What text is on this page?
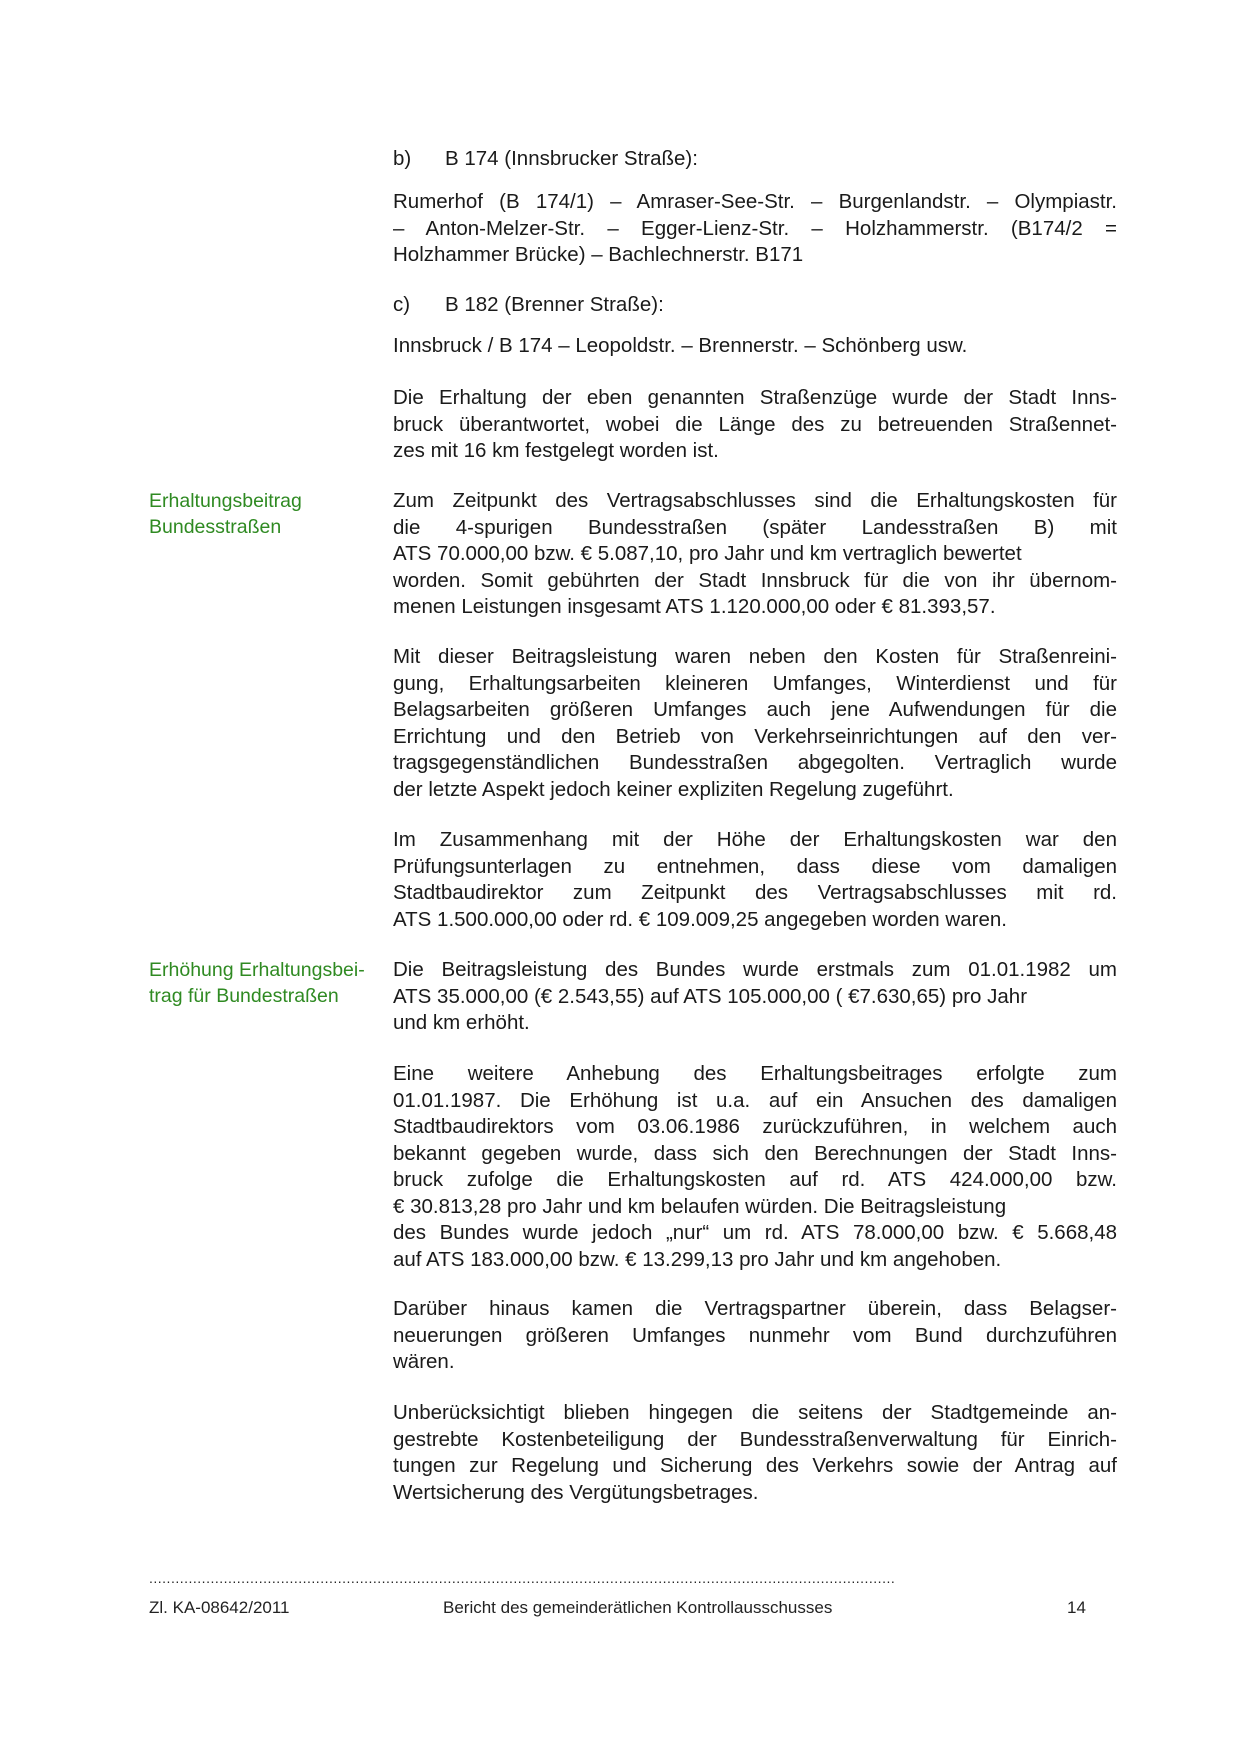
b) B 174 (Innsbrucker Straße):
Rumerhof (B 174/1) – Amraser-See-Str. – Burgenlandstr. – Olympiastr.
– Anton-Melzer-Str. – Egger-Lienz-Str. – Holzhammerstr. (B174/2 =
Holzhammer Brücke) – Bachlechnerstr. B171
c) B 182 (Brenner Straße):
Innsbruck / B 174 – Leopoldstr. – Brennerstr. – Schönberg usw.
Die Erhaltung der eben genannten Straßenzüge wurde der Stadt Inns-
bruck überantwortet, wobei die Länge des zu betreuenden Straßennet-
zes mit 16 km festgelegt worden ist.
Erhaltungsbeitrag
Bundesstraßen
Zum Zeitpunkt des Vertragsabschlusses sind die Erhaltungskosten für
die 4-spurigen Bundesstraßen (später Landesstraßen B) mit
ATS 70.000,00 bzw. € 5.087,10, pro Jahr und km vertraglich bewertet
worden. Somit gebührten der Stadt Innsbruck für die von ihr übernom-
menen Leistungen insgesamt ATS 1.120.000,00 oder € 81.393,57.
Mit dieser Beitragsleistung waren neben den Kosten für Straßenreini-
gung, Erhaltungsarbeiten kleineren Umfanges, Winterdienst und für
Belagsarbeiten größeren Umfanges auch jene Aufwendungen für die
Errichtung und den Betrieb von Verkehrseinrichtungen auf den ver-
tragsgegenständlichen Bundesstraßen abgegolten. Vertraglich wurde
der letzte Aspekt jedoch keiner expliziten Regelung zugeführt.
Im Zusammenhang mit der Höhe der Erhaltungskosten war den
Prüfungsunterlagen zu entnehmen, dass diese vom damaligen
Stadtbaudirektor zum Zeitpunkt des Vertragsabschlusses mit rd.
ATS 1.500.000,00 oder rd. € 109.009,25 angegeben worden waren.
Erhöhung Erhaltungsbei-
trag für Bundestraßen
Die Beitragsleistung des Bundes wurde erstmals zum 01.01.1982 um
ATS 35.000,00 (€ 2.543,55) auf ATS 105.000,00 ( €7.630,65) pro Jahr
und km erhöht.
Eine weitere Anhebung des Erhaltungsbeitrages erfolgte zum
01.01.1987. Die Erhöhung ist u.a. auf ein Ansuchen des damaligen
Stadtbaudirektors vom 03.06.1986 zurückzuführen, in welchem auch
bekannt gegeben wurde, dass sich den Berechnungen der Stadt Inns-
bruck zufolge die Erhaltungskosten auf rd. ATS 424.000,00 bzw.
€ 30.813,28 pro Jahr und km belaufen würden. Die Beitragsleistung
des Bundes wurde jedoch „nur“ um rd. ATS 78.000,00 bzw. € 5.668,48
auf ATS 183.000,00 bzw. € 13.299,13 pro Jahr und km angehoben.
Darüber hinaus kamen die Vertragspartner überein, dass Belagser-
neuerungen größeren Umfanges nunmehr vom Bund durchzuführen
wären.
Unberücksichtigt blieben hingegen die seitens der Stadtgemeinde an-
gestrebte Kostenbeteiligung der Bundesstraßenverwaltung für Einrich-
tungen zur Regelung und Sicherung des Verkehrs sowie der Antrag auf
Wertsicherung des Vergütungsbetrages.
..........................................................................................................................................................................
Zl. KA-08642/2011	Bericht des gemeinderätlichen Kontrollausschusses	14
